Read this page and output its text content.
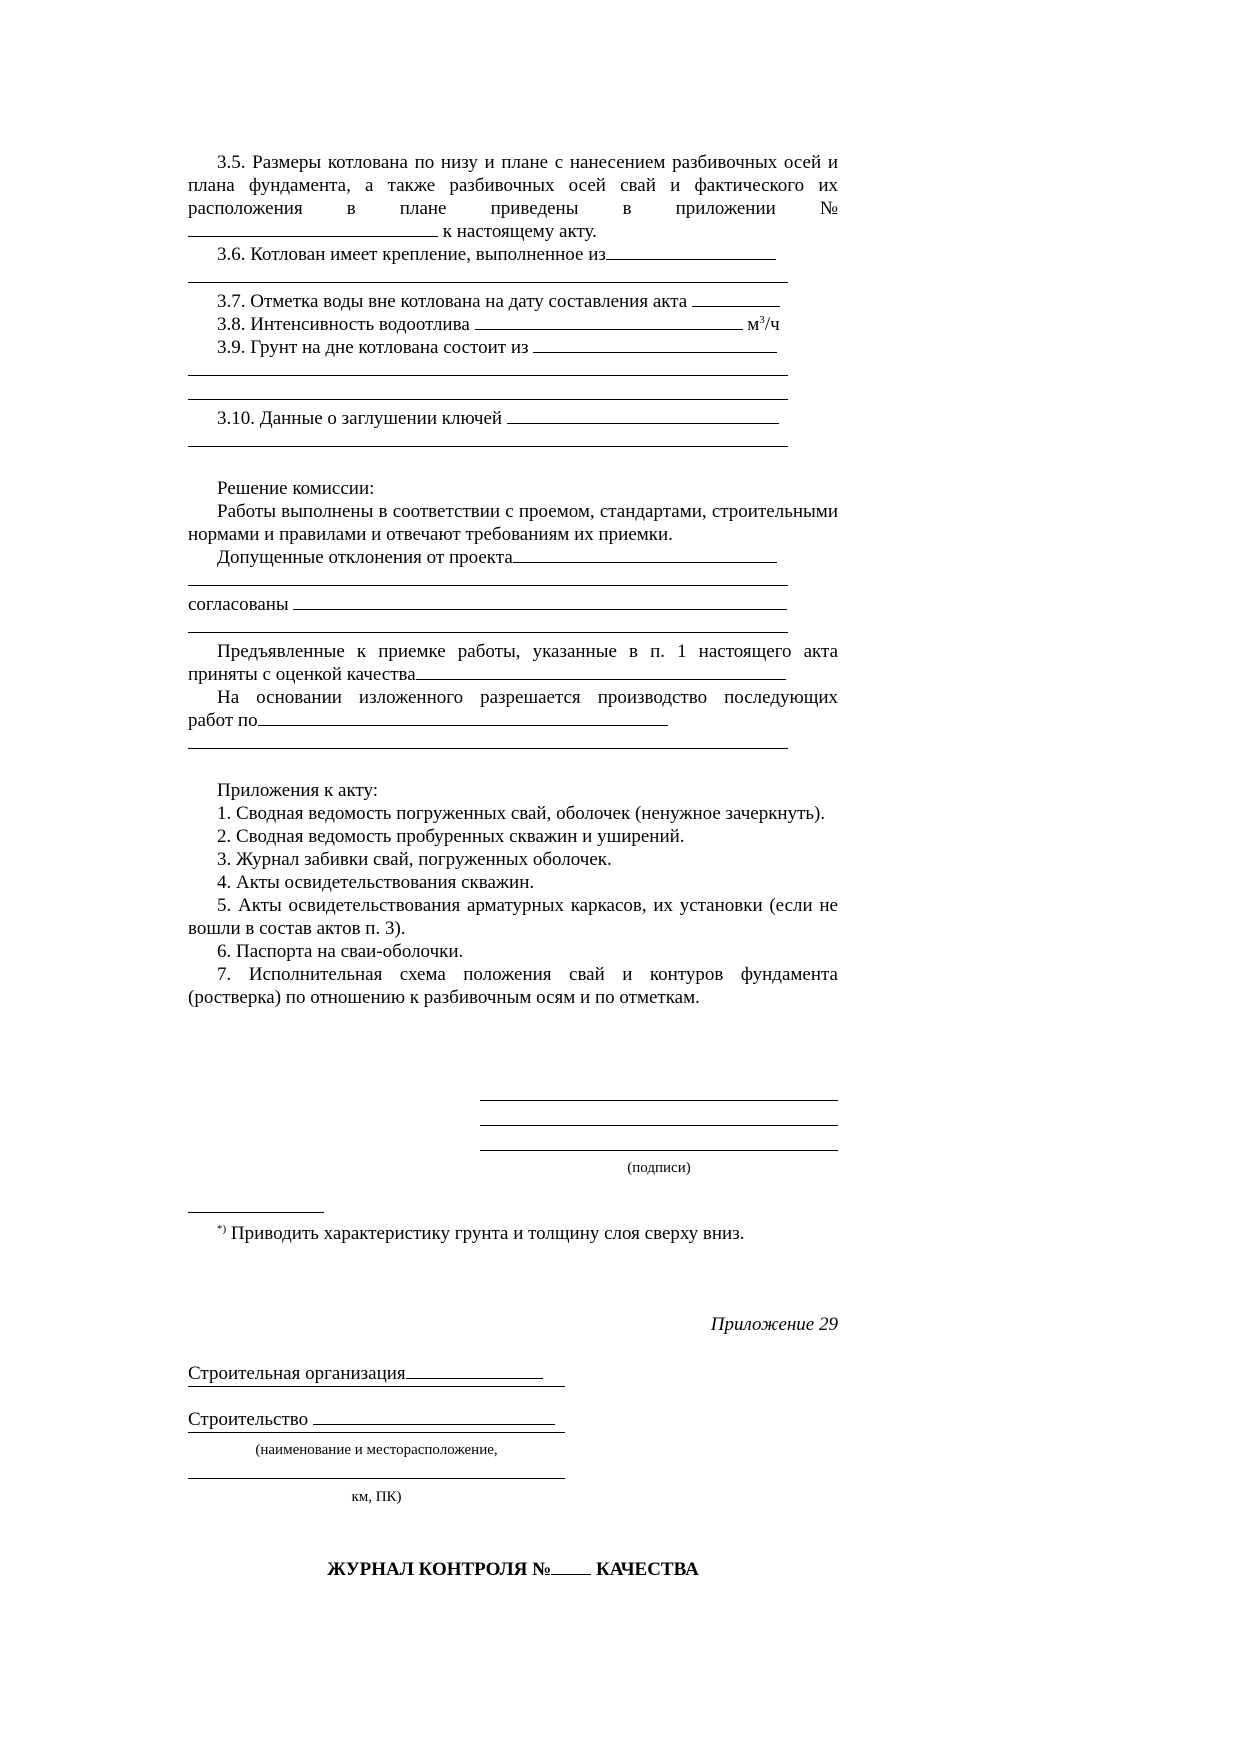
3.5. Размеры котлована по низу и плане с нанесением разбивочных осей и плана фундамента, а также разбивочных осей свай и фактического их расположения в плане приведены в приложении № к настоящему акту.

3.6. Котлован имеет крепление, выполненное из

3.7. Отметка воды вне котлована на дату составления акта

3.8. Интенсивность водоотлива	$м^3/ч$

3.9. Грунт на дне котлована состоит из

3.10. Данные о заглушении ключей

Решение комиссии:

Работы выполнены в соответствии с проемом, стандартами, строительными нормами и правилами и отвечают требованиям их приемки.

Допущенные отклонения от проекта

согласованы

Предъявленные к приемке работы, указанные в п. 1 настоящего акта

приняты с оценкой качества

На основании изложенного разрешается производство последующих

работ по

Приложения к акту:

1. Сводная ведомость погруженных свай, оболочек (ненужное зачеркнуть).

2. Сводная ведомость пробуренных скважин и уширений.

3. Журнал забивки свай, погруженных оболочек.

4. Акты освидетельствования скважин.

5. Акты освидетельствования арматурных каркасов, их установки (если не вошли в состав актов п. 3).

6. Паспорта на сваи-оболочки.

7. Исполнительная схема положения свай и контуров фундамента (ростверка) по отношению к разбивочным осям и по отметкам.

(подписи)
*) Приводить характеристику грунта и толщину слоя сверху вниз.
Приложение 29
Строительная организация
Строительство
(наименование и месторасположение,
км, ПК)
ЖУРНАЛ КОНТРОЛЯ № КАЧЕСТВА
